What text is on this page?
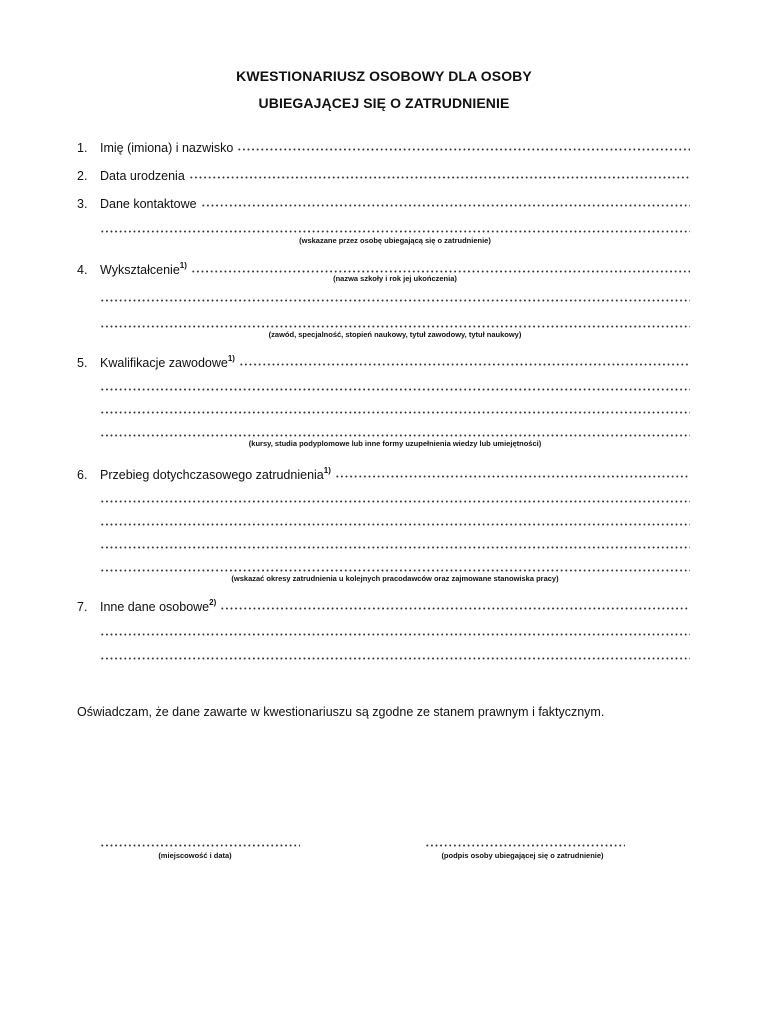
KWESTIONARIUSZ OSOBOWY DLA OSOBY
UBIEGAJĄCEJ SIĘ O ZATRUDNIENIE
1.	Imię (imiona) i nazwisko
2.	Data urodzenia
3.	Dane kontaktowe
(wskazane przez osobę ubiegającą się o zatrudnienie)
4.	Wykształcenie$^{1)}$
(nazwa szkoły i rok jej ukończenia)
(zawód, specjalność, stopień naukowy, tytuł zawodowy, tytuł naukowy)
5.	Kwalifikacje zawodowe$^{1)}$
(kursy, studia podyplomowe lub inne formy uzupełnienia wiedzy lub umiejętności)
6.	Przebieg dotychczasowego zatrudnienia$^{1)}$
(wskazać okresy zatrudnienia u kolejnych pracodawców oraz zajmowane stanowiska pracy)
7.	Inne dane osobowe$^{2)}$
Oświadczam, że dane zawarte w kwestionariuszu są zgodne ze stanem prawnym i faktycznym.
(miejscowość i data)	(podpis osoby ubiegającej się o zatrudnienie)
